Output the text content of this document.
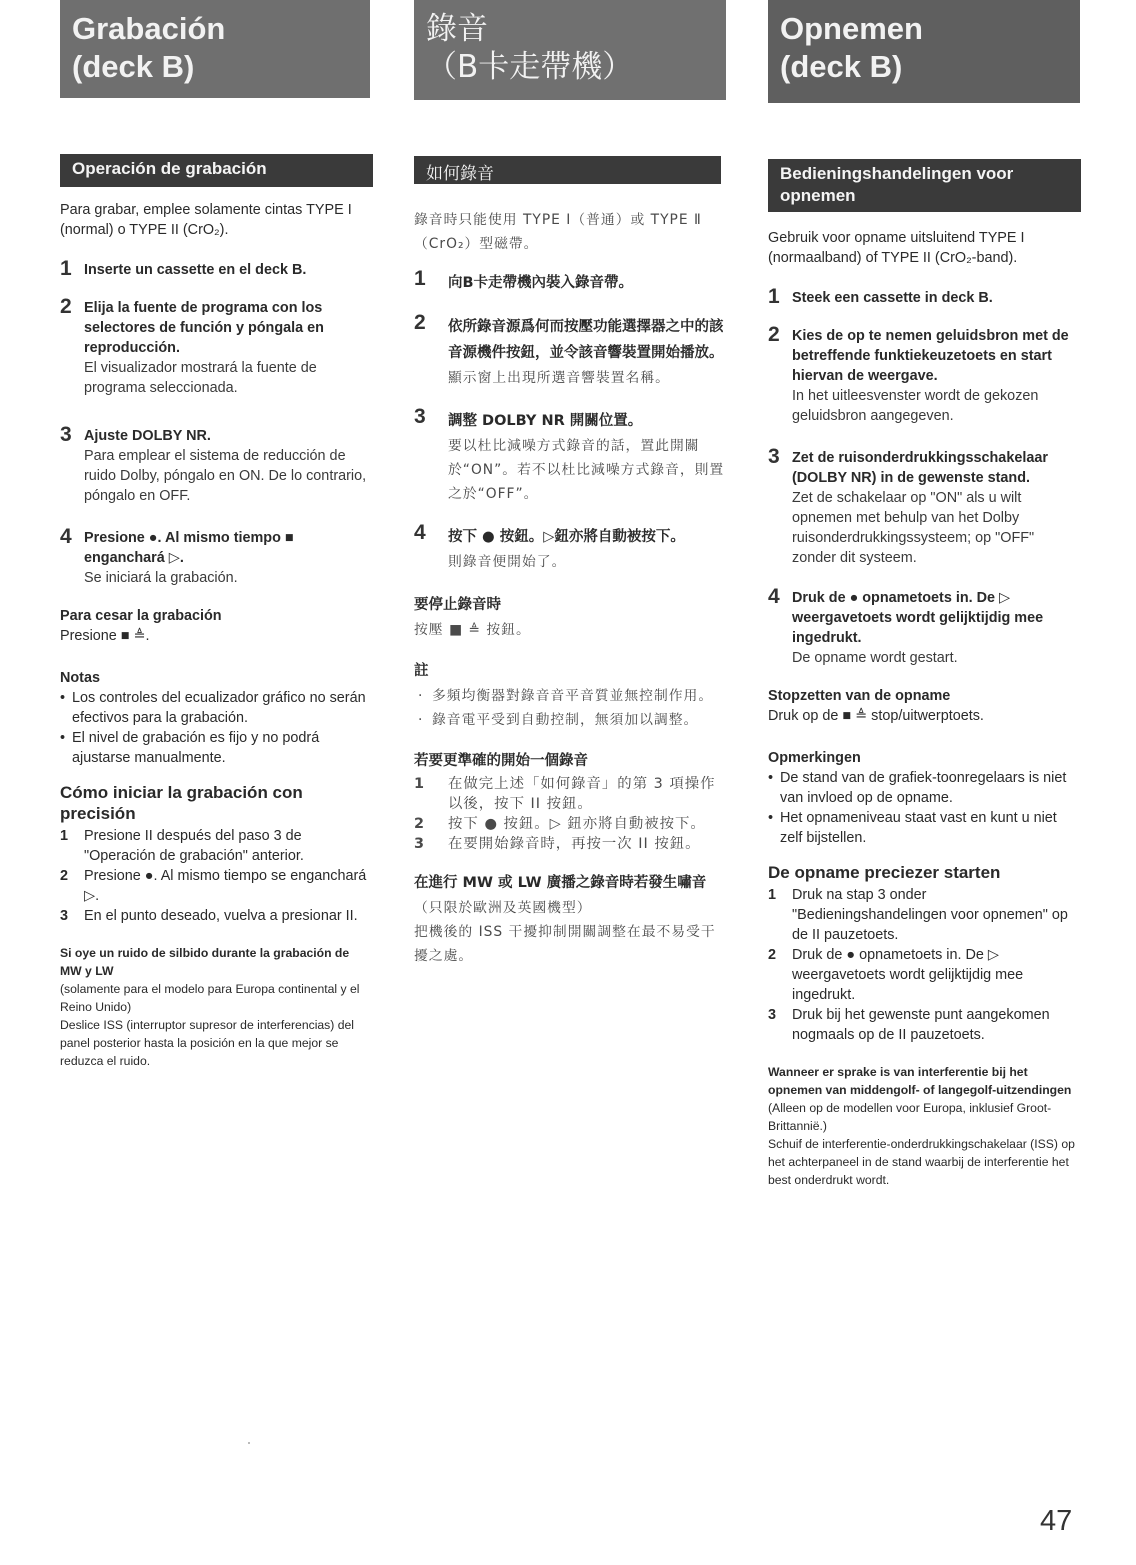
Grabación
(deck B)
Operación de grabación

Para grabar, emplee solamente cintas TYPE I (normal) o TYPE II (CrO₂).

1 Inserte un cassette en el deck B.
2 Elija la fuente de programa con los selectores de función y póngala en reproducción.
El visualizador mostrará la fuente de programa seleccionada.
3 Ajuste DOLBY NR.
Para emplear el sistema de reducción de ruido Dolby, póngalo en ON. De lo contrario, póngalo en OFF.
4 Presione ●. Al mismo tiempo ■ enganchará ▷.
Se iniciará la grabación.
Para cesar la grabación

Presione ■ ≜.

Notas
• Los controles del ecualizador gráfico no serán efectivos para la grabación.
• El nivel de grabación es fijo y no podrá ajustarse manualmente.
Cómo iniciar la grabación con precisión
1 Presione II después del paso 3 de "Operación de grabación" anterior.
2 Presione ●. Al mismo tiempo se enganchará ▷.
3 En el punto deseado, vuelva a presionar II.
Si oye un ruido de silbido durante la grabación de MW y LW
(solamente para el modelo para Europa continental y el Reino Unido)
Deslice ISS (interruptor supresor de interferencias) del panel posterior hasta la posición en la que mejor se reduzca el ruido.
錄音
（B卡走帶機）
如何錄音

錄音時只能使用 TYPE Ⅰ（普通）或 TYPE Ⅱ（CrO₂）型磁帶。

1 向B卡走帶機內裝入錄音帶。
2 依所錄音源爲何而按壓功能選擇器之中的該音源機件按鈕，並令該音響裝置開始播放。
顯示窗上出現所選音響裝置名稱。
3 調整 DOLBY NR 開關位置。
要以杜比減噪方式錄音的話，置此開關於“ON”。若不以杜比減噪方式錄音，則置之於“OFF”。
4 按下 ● 按鈕。▷鈕亦將自動被按下。
則錄音便開始了。
要停止錄音時
按壓 ■ ≜ 按鈕。
註
· 多頻均衡器對錄音音平音質並無控制作用。
· 錄音電平受到自動控制，無須加以調整。
若要更準確的開始一個錄音
1 在做完上述「如何錄音」的第 3 項操作以後，按下 II 按鈕。
2 按下 ● 按鈕。▷ 鈕亦將自動被按下。
3 在要開始錄音時，再按一次 II 按鈕。
在進行 MW 或 LW 廣播之錄音時若發生嘯音
（只限於歐洲及英國機型）
把機後的 ISS 干擾抑制開關調整在最不易受干擾之處。
Opnemen
(deck B)
Bedieningshandelingen voor opnemen

Gebruik voor opname uitsluitend TYPE I (normaalband) of TYPE II (CrO₂-band).

1 Steek een cassette in deck B.
2 Kies de op te nemen geluidsbron met de betreffende funktiekeuzetoets en start hiervan de weergave.
In het uitleesvenster wordt de gekozen geluidsbron aangegeven.
3 Zet de ruisonderdrukkingsschakelaar (DOLBY NR) in de gewenste stand.
Zet de schakelaar op "ON" als u wilt opnemen met behulp van het Dolby ruisonderdrukkingssysteem; op "OFF" zonder dit systeem.
4 Druk de ● opnametoets in. De ▷ weergavetoets wordt gelijktijdig mee ingedrukt.
De opname wordt gestart.
Stopzetten van de opname

Druk op de ■ ≜ stop/uitwerptoets.

Opmerkingen
• De stand van de grafiek-toonregelaars is niet van invloed op de opname.
• Het opnameniveau staat vast en kunt u niet zelf bijstellen.
De opname preciezer starten
1 Druk na stap 3 onder "Bedieningshandelingen voor opnemen" op de II pauzetoets.
2 Druk de ● opnametoets in. De ▷ weergavetoets wordt gelijktijdig mee ingedrukt.
3 Druk bij het gewenste punt aangekomen nogmaals op de II pauzetoets.
Wanneer er sprake is van interferentie bij het opnemen van middengolf- of langegolf-uitzendingen
(Alleen op de modellen voor Europa, inklusief Groot-Brittannië.)
Schuif de interferentie-onderdrukkingschakelaar (ISS) op het achterpaneel in de stand waarbij de interferentie het best onderdrukt wordt.
47
